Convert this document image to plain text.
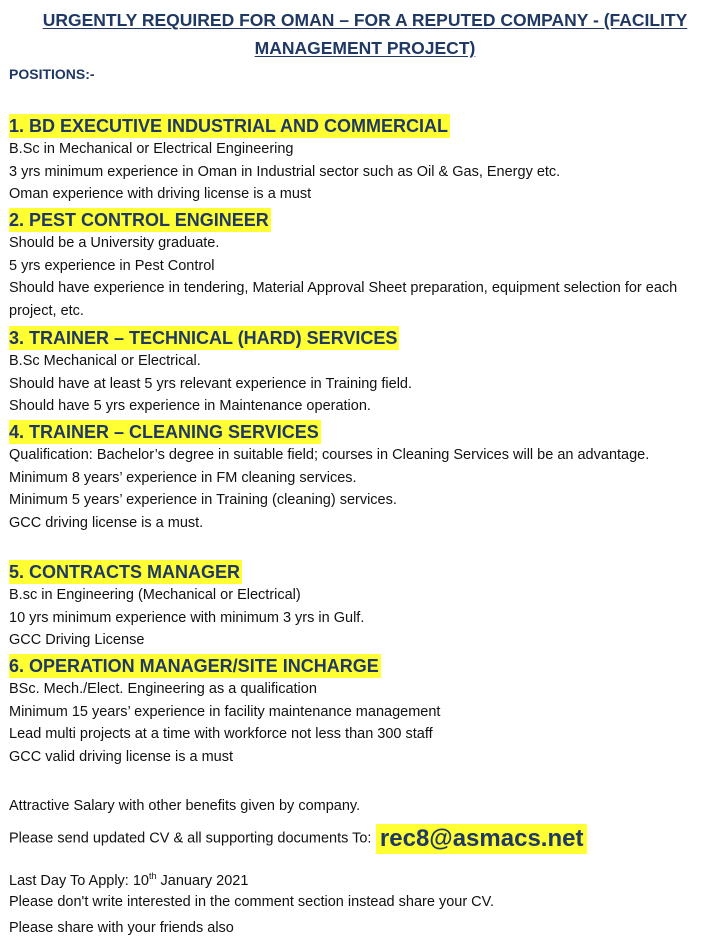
URGENTLY REQUIRED FOR OMAN – FOR A REPUTED COMPANY - (FACILITY MANAGEMENT PROJECT)
POSITIONS:-
1. BD EXECUTIVE INDUSTRIAL AND COMMERCIAL
B.Sc in Mechanical or Electrical Engineering
3 yrs minimum experience in Oman in Industrial sector such as Oil & Gas, Energy etc.
Oman experience with driving license is a must
2. PEST CONTROL ENGINEER
Should be a University graduate.
5 yrs experience in Pest Control
Should have experience in tendering, Material Approval Sheet preparation, equipment selection for each project, etc.
3. TRAINER – TECHNICAL (HARD) SERVICES
B.Sc Mechanical or Electrical.
Should have at least 5 yrs relevant experience in Training field.
Should have 5 yrs experience in Maintenance operation.
4. TRAINER – CLEANING SERVICES
Qualification: Bachelor’s degree in suitable field; courses in Cleaning Services will be an advantage.
Minimum 8 years’ experience in FM cleaning services.
Minimum 5 years’ experience in Training (cleaning) services.
GCC driving license is a must.
5. CONTRACTS MANAGER
B.sc in Engineering (Mechanical or Electrical)
10 yrs minimum experience with minimum 3 yrs in Gulf.
GCC Driving License
6. OPERATION MANAGER/SITE INCHARGE
BSc. Mech./Elect. Engineering as a qualification
Minimum 15 years’ experience in facility maintenance management
Lead multi projects at a time with workforce not less than 300 staff
GCC valid driving license is a must
Attractive Salary with other benefits given by company.
Please send updated CV & all supporting documents To: rec8@asmacs.net
Last Day To Apply: 10th January 2021
Please don't write interested in the comment section instead share your CV.
Please share with your friends also
